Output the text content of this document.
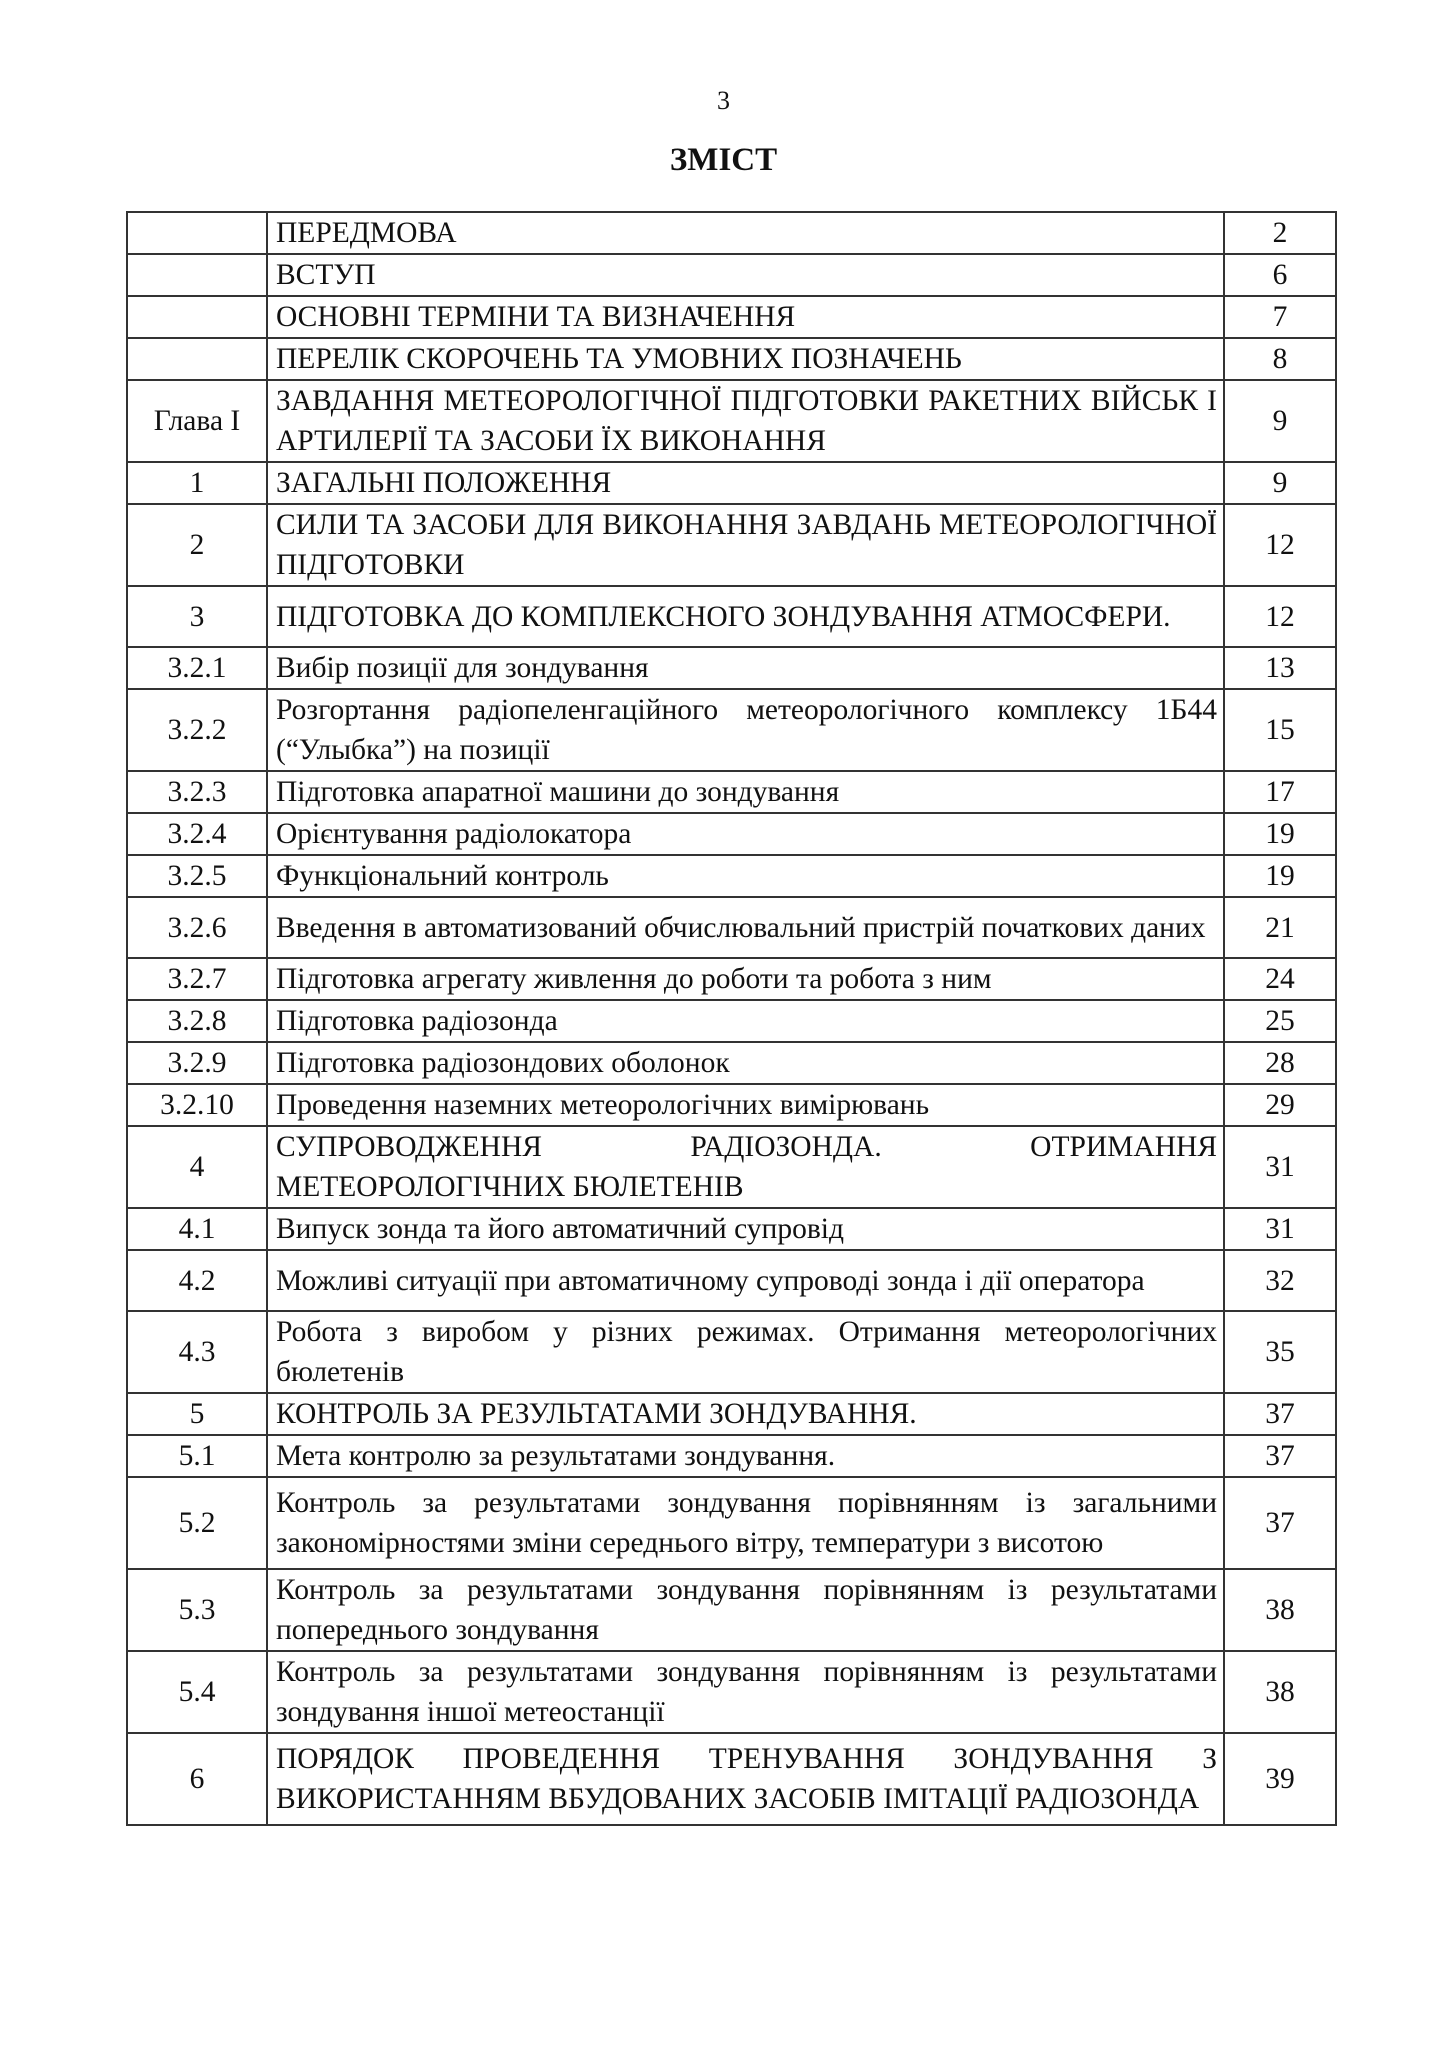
3
ЗМІСТ
	ПЕРЕДМОВА	2
	ВСТУП	6
	ОСНОВНІ ТЕРМІНИ ТА ВИЗНАЧЕННЯ	7
	ПЕРЕЛІК СКОРОЧЕНЬ ТА УМОВНИХ ПОЗНАЧЕНЬ	8
Глава І	ЗАВДАННЯ МЕТЕОРОЛОГІЧНОЇ ПІДГОТОВКИ РАКЕТНИХ ВІЙСЬК І АРТИЛЕРІЇ ТА ЗАСОБИ ЇХ ВИКОНАННЯ	9
1	ЗАГАЛЬНІ ПОЛОЖЕННЯ	9
2	СИЛИ ТА ЗАСОБИ ДЛЯ ВИКОНАННЯ ЗАВДАНЬ МЕТЕОРОЛОГІЧНОЇ ПІДГОТОВКИ	12
3	ПІДГОТОВКА ДО КОМПЛЕКСНОГО ЗОНДУВАННЯ АТМОСФЕРИ.	12
3.2.1	Вибір позиції для зондування	13
3.2.2	Розгортання радіопеленгаційного метеорологічного комплексу 1Б44 (“Улыбка”) на позиції	15
3.2.3	Підготовка апаратної машини до зондування	17
3.2.4	Орієнтування радіолокатора	19
3.2.5	Функціональний контроль	19
3.2.6	Введення в автоматизований обчислювальний пристрій початкових даних	21
3.2.7	Підготовка агрегату живлення до роботи та робота з ним	24
3.2.8	Підготовка радіозонда	25
3.2.9	Підготовка радіозондових оболонок	28
3.2.10	Проведення наземних метеорологічних вимірювань	29
4	СУПРОВОДЖЕННЯ РАДІОЗОНДА. ОТРИМАННЯ МЕТЕОРОЛОГІЧНИХ БЮЛЕТЕНІВ	31
4.1	Випуск зонда та його автоматичний супровід	31
4.2	Можливі ситуації при автоматичному супроводі зонда і дії оператора	32
4.3	Робота з виробом у різних режимах. Отримання метеорологічних бюлетенів	35
5	КОНТРОЛЬ ЗА РЕЗУЛЬТАТАМИ ЗОНДУВАННЯ.	37
5.1	Мета контролю за результатами зондування.	37
5.2	Контроль за результатами зондування порівнянням із загальними закономірностями зміни середнього вітру, температури з висотою	37
5.3	Контроль за результатами зондування порівнянням із результатами попереднього зондування	38
5.4	Контроль за результатами зондування порівнянням із результатами зондування іншої метеостанції	38
6	ПОРЯДОК ПРОВЕДЕННЯ ТРЕНУВАННЯ ЗОНДУВАННЯ З ВИКОРИСТАННЯМ ВБУДОВАНИХ ЗАСОБІВ ІМІТАЦІЇ РАДІОЗОНДА	39
